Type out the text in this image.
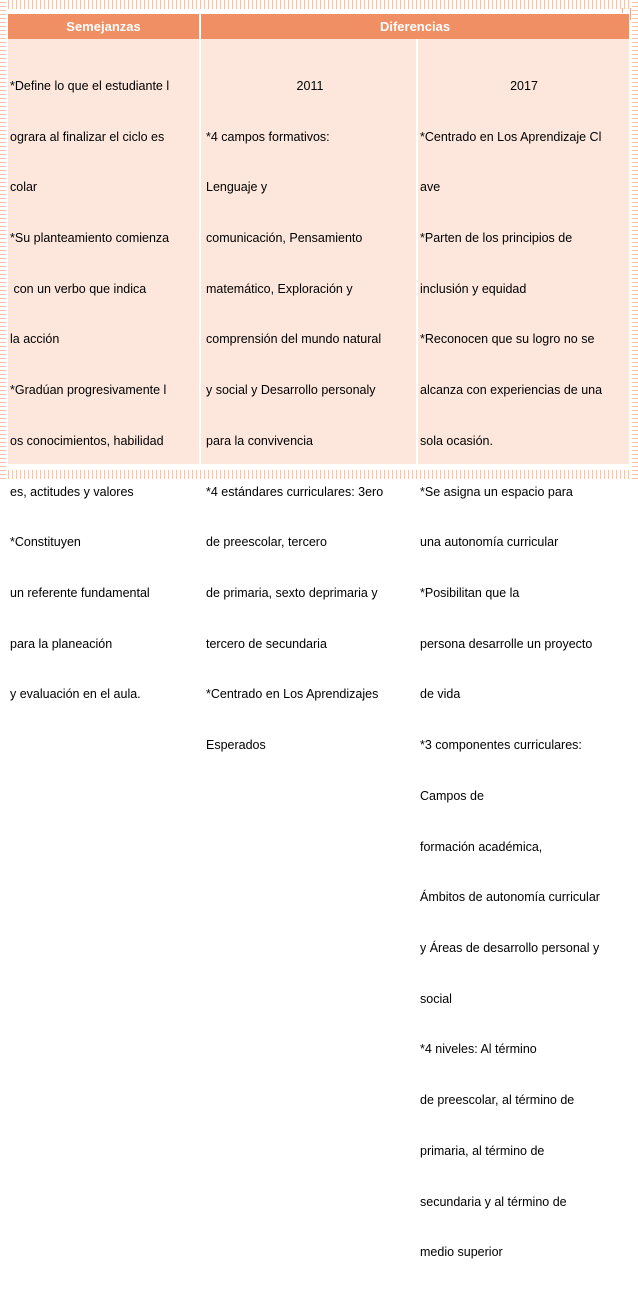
Semejanzas	Diferencias

*Define lo que el estudiante l

ograra al finalizar el ciclo es

colar

*Su planteamiento comienza

con un verbo que indica

la acción

*Gradúan progresivamente l

os conocimientos, habilidad

es, actitudes y valores

*Constituyen

un referente fundamental

para la planeación

y evaluación en el aula.

2011

*4 campos formativos:

Lenguaje y

comunicación, Pensamiento

matemático, Exploración y

comprensión del mundo natural

y social y Desarrollo personaly

para la convivencia

*4 estándares curriculares: 3ero

de preescolar, tercero

de primaria, sexto deprimaria y

tercero de secundaria

*Centrado en Los Aprendizajes

Esperados

2017

*Centrado en Los Aprendizaje Cl

ave

*Parten de los principios de

inclusión y equidad

*Reconocen que su logro no se

alcanza con experiencias de una

sola ocasión.

*Se asigna un espacio para

una autonomía curricular

*Posibilitan que la

persona desarrolle un proyecto

de vida

*3 componentes curriculares:

Campos de

formación académica,

Ámbitos de autonomía curricular

y Áreas de desarrollo personal y

social

*4 niveles: Al término

de preescolar, al término de

primaria, al término de

secundaria y al término de

medio superior
